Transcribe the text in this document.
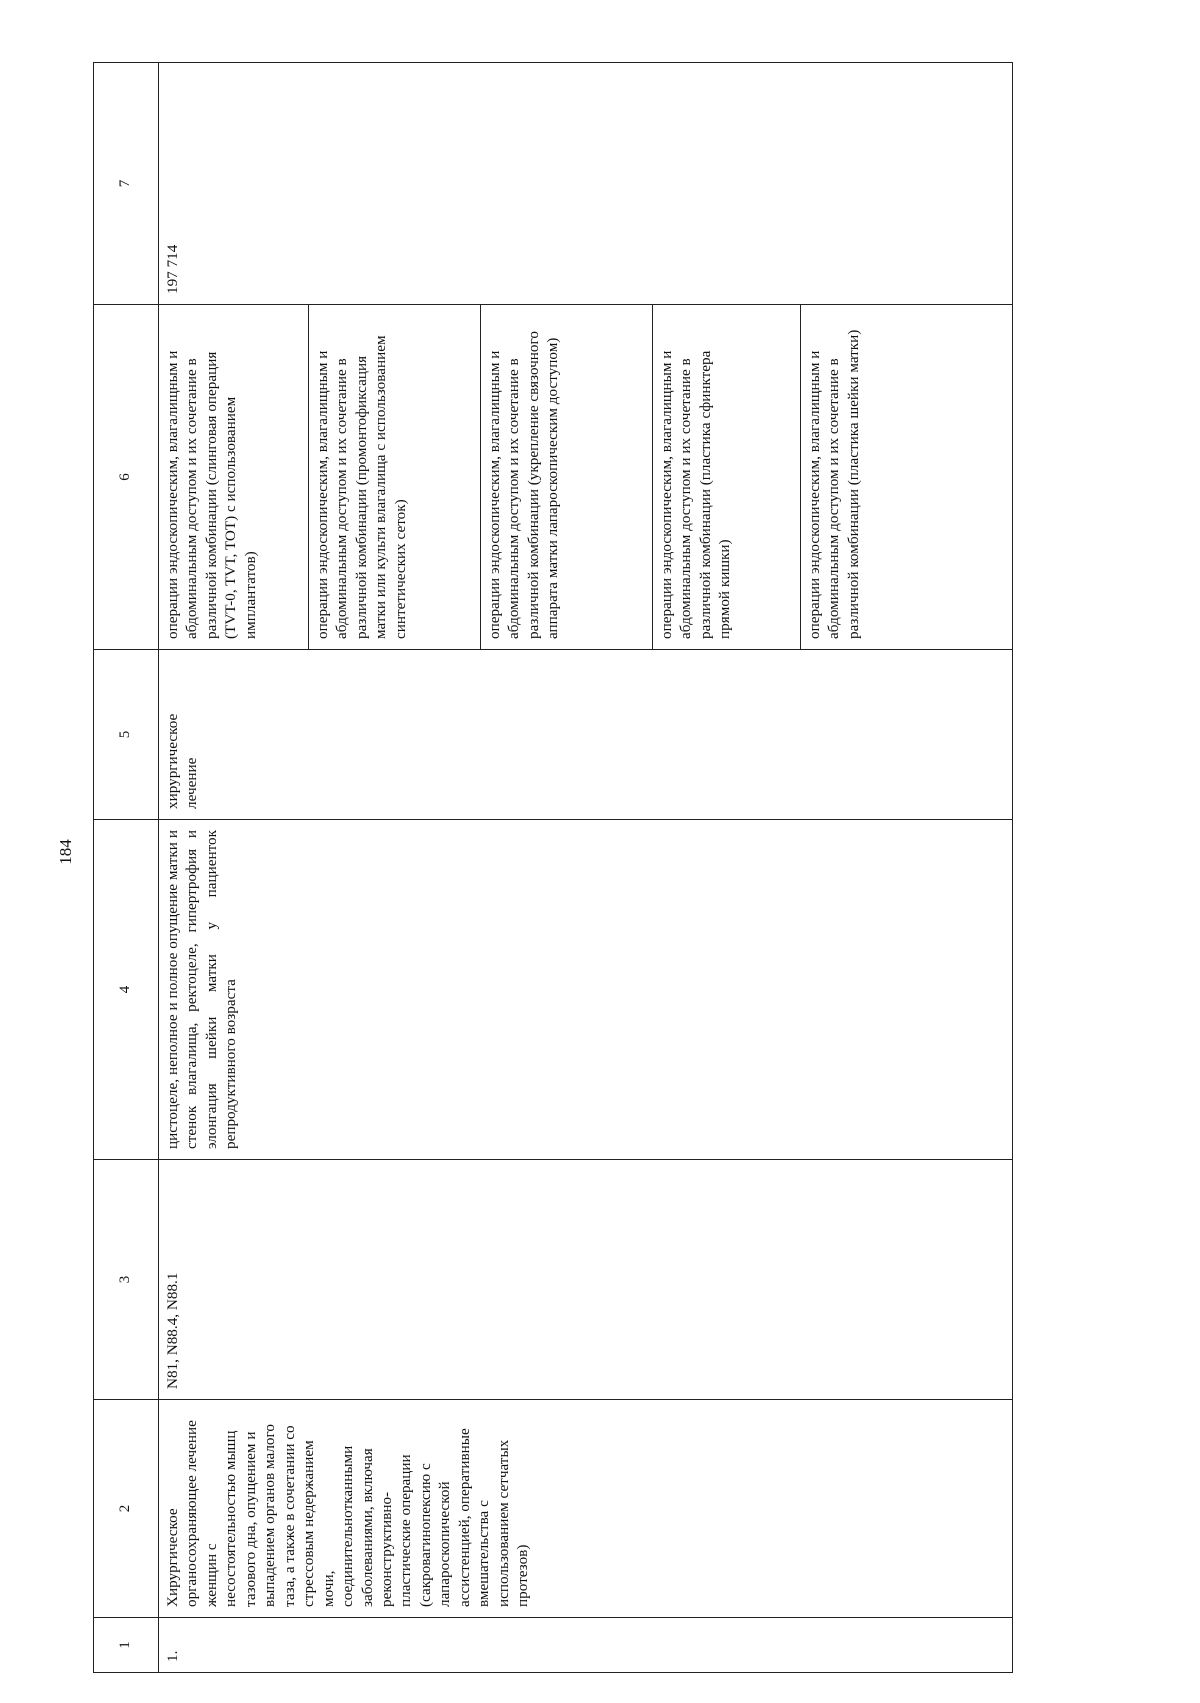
184
1	2	3	4	5	6	7
1.	Хирургическое органосохраняющее лечение женщин с несостоятельностью мышц тазового дна, опущением и выпадением органов малого таза, а также в сочетании со стрессовым недержанием мочи, соединительнотканными заболеваниями, включая реконструктивно-пластические операции (сакровагинопексию с лапароскопической ассистенцией, оперативные вмешательства с использованием сетчатых протезов)	N81, N88.4, N88.1	цистоцеле, неполное и полное опущение матки и стенок влагалища, ректоцеле, гипертрофия и элонгация шейки матки у пациенток репродуктивного возраста	хирургическое лечение	операции эндоскопическим, влагалищным и абдоминальным доступом и их сочетание в различной комбинации (слинговая операция (TVT-0, TVT, TOT) с использованием имплантатов)	197 714
					операции эндоскопическим, влагалищным и абдоминальным доступом и их сочетание в различной комбинации (промонтофиксация матки или культи влагалища с использованием синтетических сеток)	
					операции эндоскопическим, влагалищным и абдоминальным доступом и их сочетание в различной комбинации (укрепление связочного аппарата матки лапароскопическим доступом)	
					операции эндоскопическим, влагалищным и абдоминальным доступом и их сочетание в различной комбинации (пластика сфинктера прямой кишки)	
					операции эндоскопическим, влагалищным и абдоминальным доступом и их сочетание в различной комбинации (пластика шейки матки)	
